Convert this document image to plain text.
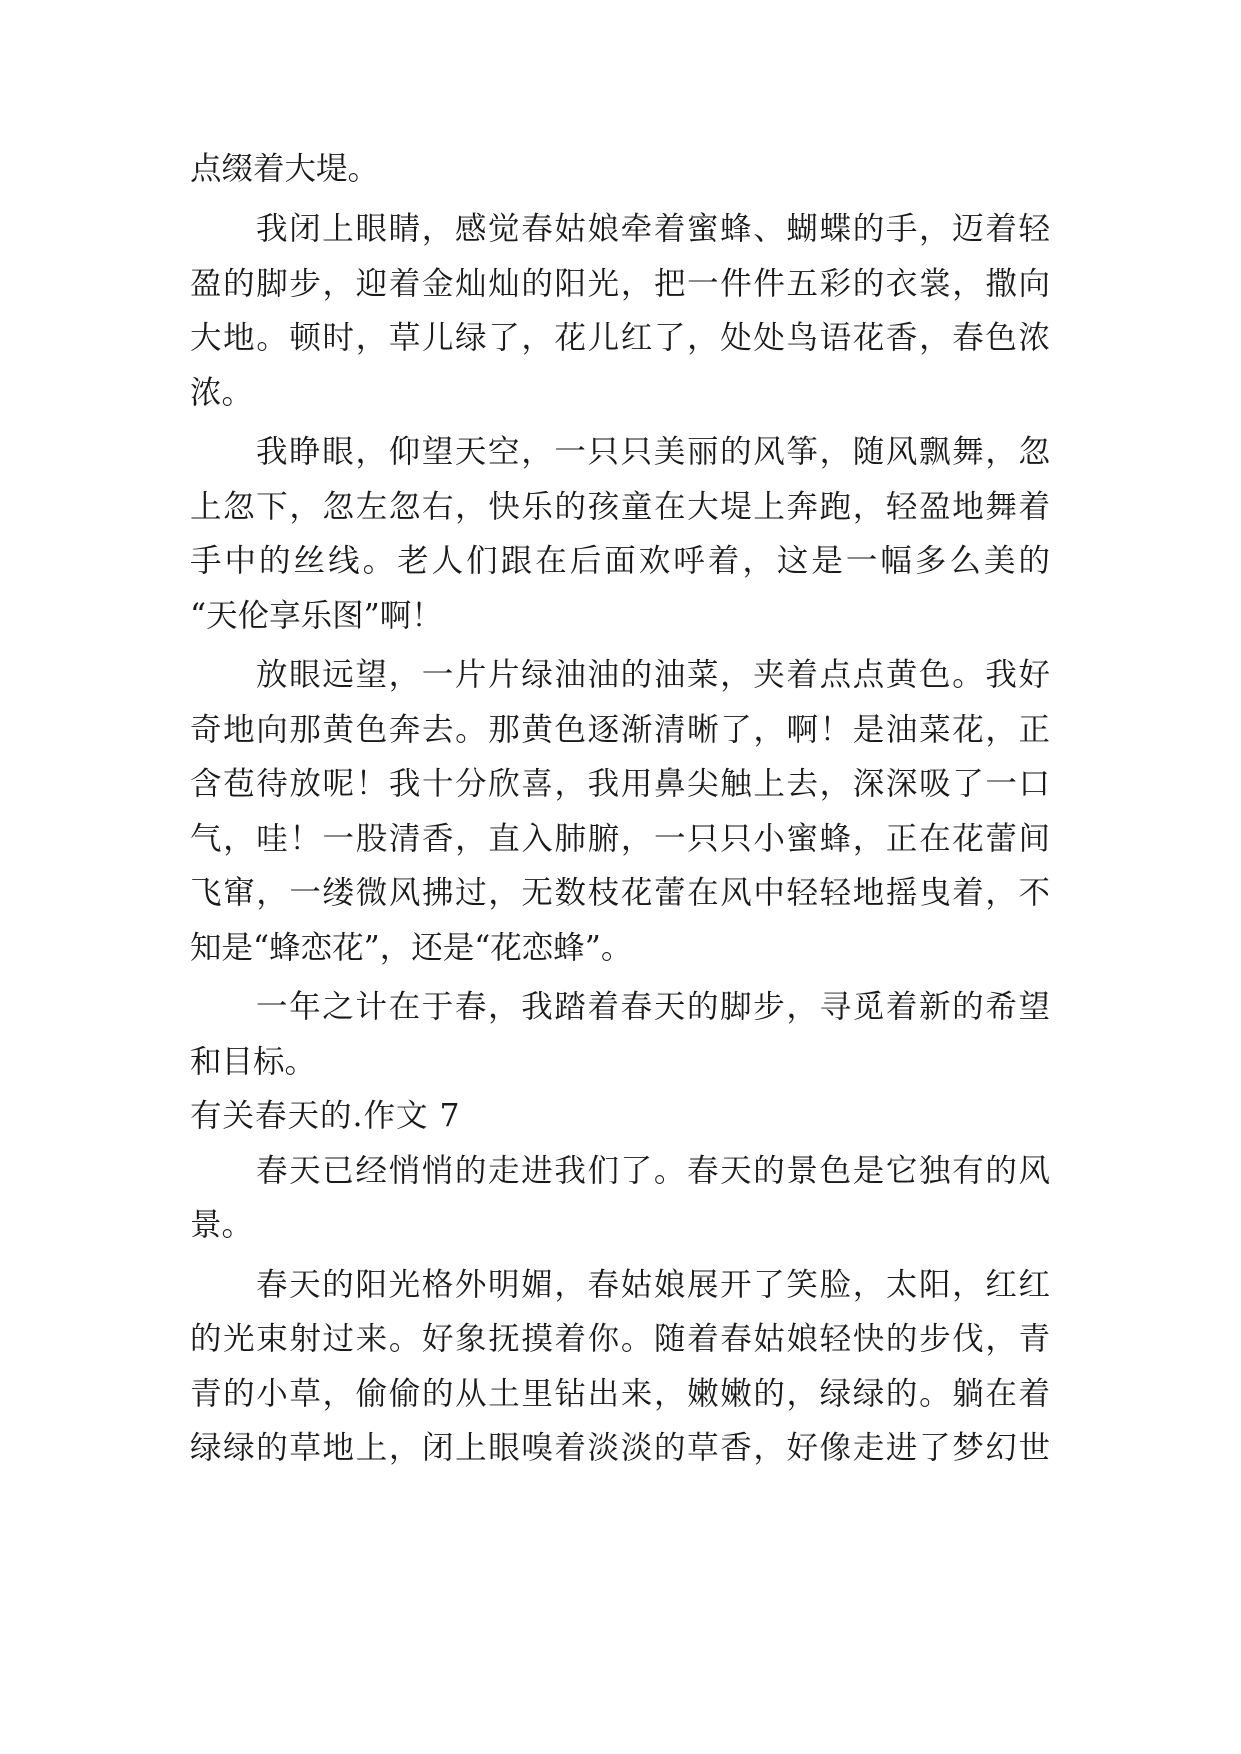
点缀着大堤。
我闭上眼睛，感觉春姑娘牵着蜜蜂、蝴蝶的手，迈着轻
盈的脚步，迎着金灿灿的阳光，把一件件五彩的衣裳，撒向
大地。顿时，草儿绿了，花儿红了，处处鸟语花香，春色浓
浓。
我睁眼，仰望天空，一只只美丽的风筝，随风飘舞，忽
上忽下，忽左忽右，快乐的孩童在大堤上奔跑，轻盈地舞着
手中的丝线。老人们跟在后面欢呼着，这是一幅多么美的
“天伦享乐图”啊！
放眼远望，一片片绿油油的油菜，夹着点点黄色。我好
奇地向那黄色奔去。那黄色逐渐清晰了，啊！是油菜花，正
含苞待放呢！我十分欣喜，我用鼻尖触上去，深深吸了一口
气，哇！一股清香，直入肺腑，一只只小蜜蜂，正在花蕾间
飞窜，一缕微风拂过，无数枝花蕾在风中轻轻地摇曳着，不
知是“蜂恋花”，还是“花恋蜂”。
一年之计在于春，我踏着春天的脚步，寻觅着新的希望
和目标。
有关春天的.作文 7
春天已经悄悄的走进我们了。春天的景色是它独有的风
景。
春天的阳光格外明媚，春姑娘展开了笑脸，太阳，红红
的光束射过来。好象抚摸着你。随着春姑娘轻快的步伐，青
青的小草，偷偷的从土里钻出来，嫩嫩的，绿绿的。躺在着
绿绿的草地上，闭上眼嗅着淡淡的草香，好像走进了梦幻世
